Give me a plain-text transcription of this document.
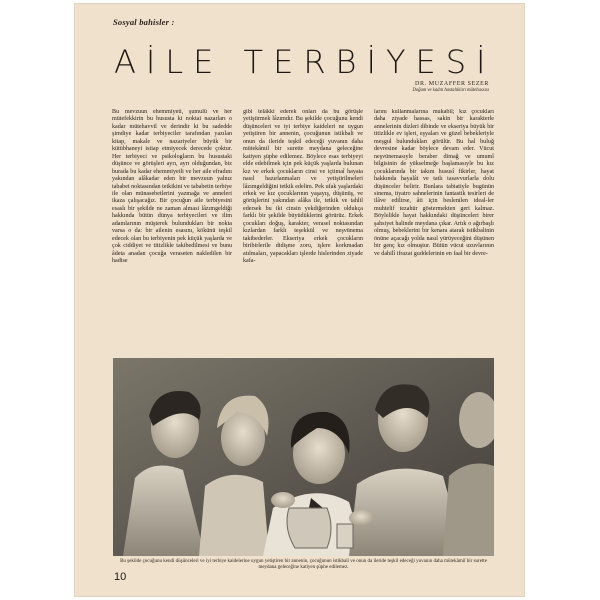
Sosyal bahisler :
AİLE TERBİYESİ
DR. MUZAFFER SEZER
Doğum ve kadın hastalıkları mütehassısı
Bu mevzuun ehemmiyeti, şumulü ve her mütefekkirin bu hususta ki noktai nazarları o kadar mütehavvil ve derindir ki bu sadedde şimdiye kadar terbiyeciler tarafından yazılan kitap, makale ve nazariyeler büyük bir kütübhaneyi istiap etmiyecek derecede çoktur. Her terbiyeci ve psikologların bu husustaki düşünce ve görüşleri ayrı, ayrı olduğundan, biz burada bu kadar ehemmiyetli ve her aile efradını yakından alâkadar eden bir mevzuun yalnız tababet noktasından tetkikini ve tababetin terbiye ile olan münasebetlerini yazmağa ve anneleri ikaza çalışacağız. Bir çocuğun aile terbiyesini esaslı bir şekilde ne zaman almasi lâzımgeldiği hakkında bütün dünya terbiyecileri ve ilim adamlarının müşterek bulundukları bir nokta varsa o da: bir ailenin esasını, kökünü teşkil edecek olan bu terbiyenin pek küçük yaşlarda ve çok ciddiyet ve titizlikle takibedilmesi ve bunu âdeta anadan çocuğa veraseten nakledilen bir hadise
gibi telâkki ederek onları da bu görüşle yetiştirmek lâzımdır. Bu şekilde çocuğunu kendi düşünceleri ve iyi terbiye kaideleri ne uygun yetiştiren bir annenin, çocuğunun istikbali ve onun da ileride teşkil edeceği yuvanın daha mütekâmil bir surette meydana geleceğine katiyen şüphe edilemez. Böylece esas terbiyeyi elde edebilmek için pek küçük yaşlarda bulunan kız ve erkek çocukların cinsi ve içtimaî hayata nasıl hazırlanmaları ve yetiştirilmeleri lâzımgeldiğini tetkik edelim. Pek ufak yaşlardaki erkek ve kız çocuklarının yaşayış, düşünüş, ve görüşlerini yakından alâka ile, tetkik ve tahlil edersek bu iki cinsin yekdiğerinden oldukça farklı bir şekilde büyüdüklerini görürüz. Erkek çocukları doğuş, karakter, verasel noktasından kızlardan farklı teşekkül ve neşvünema takibederler. Ekseriya erkek çocukların biribirlerile didişme zoru, işlere korkmadan atılmaları, yapacakları işlerde hislerinden ziyade kafa-
larını kullanmalarına mukabil; kız çocukları daha ziyade hassas, sakin bir karakterle annelerinin dizleri dibinde ve ekseriya büyük bir titizlikle ev işleri, eşyaları ve güzel bebekleriyle meşgul bulundukları görülür. Bu hal buluğ devresine kadar böylece devam eder. Vücut neşvünemasıyle beraber dimağ ve umumî bilgisinin de yükselmeğe başlamasıyle bu kız çocuklarında bir takım hususî fikirler, hayat hakkında hayalât ve tatlı tasavvurlarla dolu düşünceler belirir. Bunlara tabiatiyle bugünün sinema, tiyatro sahnelerinin fantastik tesirleri de ilâve edilirse, âti için beslenilen ideal-ler muhtelif tezahür göstermekten geri kalmaz. Böylelikle hayat hakkındaki düşünceleri birer şahsiyet halinde meydana çıkar. Artık o ağırbaşlı olmuş, bebeklerini bir kenara atarak istikbalinin önüne açacağı yolda nasıl yürüyeceğini düşünen bir genç kız olmuştur. Bütün vücut uzuvlarının ve dahilî ifrazat guddelerinin en faal bir devre-
Bu şekilde çocuğunu kendi düşünceleri ve iyi terbiye kaidelerine uygun yetiştiren bir annenin, çocuğunun istikbali ve onun da ileride teşkil edeceği yuvanın daha mütekâmil bir surette meydana geleceğine katiyen şüphe edilemez.
10
